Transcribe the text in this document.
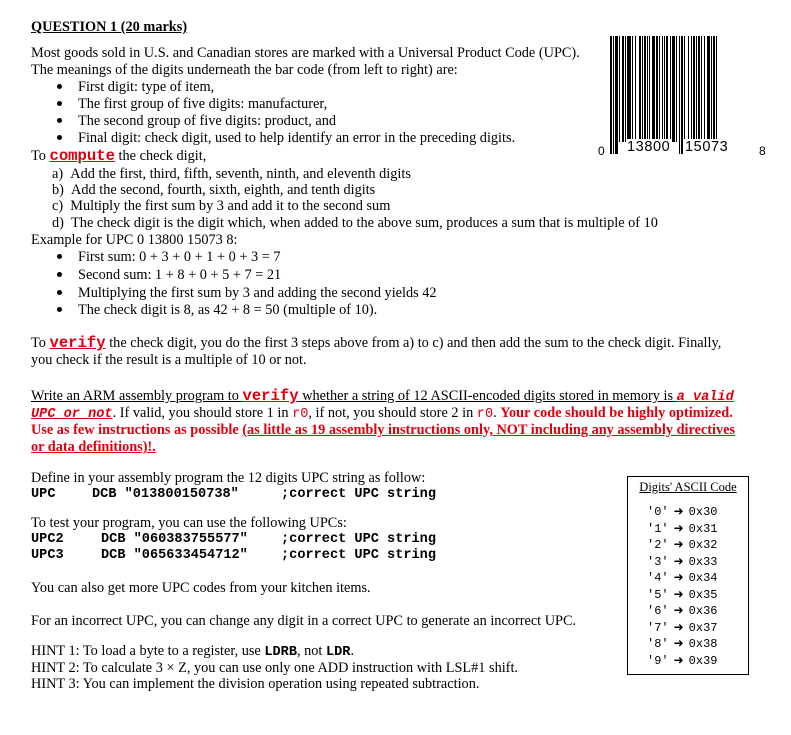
QUESTION 1 (20 marks)
Most goods sold in U.S. and Canadian stores are marked with a Universal Product Code (UPC).
The meanings of the digits underneath the bar code (from left to right) are:
First digit: type of item,
The first group of five digits: manufacturer,
The second group of five digits: product, and
Final digit: check digit, used to help identify an error in the preceding digits.
To compute the check digit,
a)  Add the first, third, fifth, seventh, ninth, and eleventh digits
b)  Add the second, fourth, sixth, eighth, and tenth digits
c)  Multiply the first sum by 3 and add it to the second sum
d)  The check digit is the digit which, when added to the above sum, produces a sum that is multiple of 10
Example for UPC 0 13800 15073 8:
First sum: 0 + 3 + 0 + 1 + 0 + 3 = 7
Second sum: 1 + 8 + 0 + 5 + 7 = 21
Multiplying the first sum by 3 and adding the second yields 42
The check digit is 8, as 42 + 8 = 50 (multiple of 10).
To verify the check digit, you do the first 3 steps above from a) to c) and then add the sum to the check digit. Finally,
you check if the result is a multiple of 10 or not.
Write an ARM assembly program to verify whether a string of 12 ASCII-encoded digits stored in memory is a valid
UPC or not. If valid, you should store 1 in r0, if not, you should store 2 in r0. Your code should be highly optimized.
Use as few instructions as possible (as little as 19 assembly instructions only, NOT including any assembly directives
or data definitions)!.
Define in your assembly program the 12 digits UPC string as follow:
UPC	DCB "013800150738"	;correct UPC string
To test your program, you can use the following UPCs:
UPC2	DCB "060383755577" ;correct UPC string
UPC3	DCB "065633454712" ;correct UPC string
You can also get more UPC codes from your kitchen items.
For an incorrect UPC, you can change any digit in a correct UPC to generate an incorrect UPC.
HINT 1: To load a byte to a register, use LDRB, not LDR.
HINT 2: To calculate 3 × Z, you can use only one ADD instruction with LSL#1 shift.
HINT 3: You can implement the division operation using repeated subtraction.
0 13800 15073	8
Digits' ASCII Code
'0' ➜ 0x30
'1' ➜ 0x31
'2' ➜ 0x32
'3' ➜ 0x33
'4' ➜ 0x34
'5' ➜ 0x35
'6' ➜ 0x36
'7' ➜ 0x37
'8' ➜ 0x38
'9' ➜ 0x39
